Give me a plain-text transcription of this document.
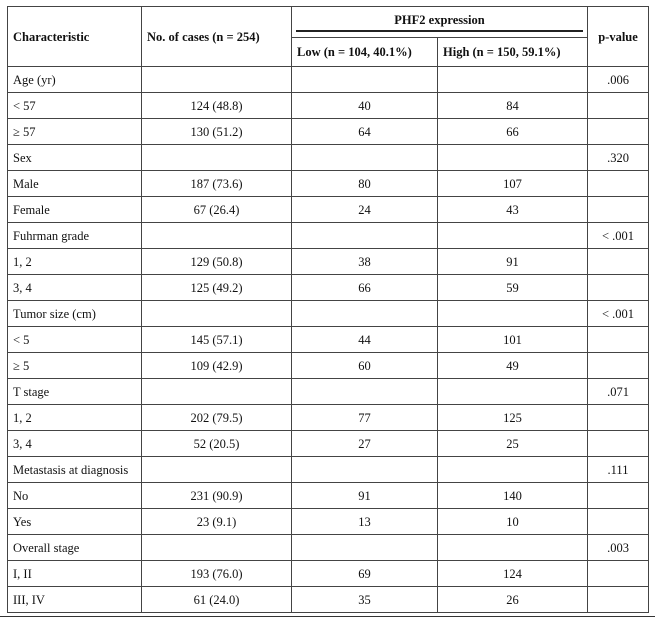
Characteristic	No. of cases (n = 254)	PHF2 expression		p-value
		Low (n = 104, 40.1%)	High (n = 150, 59.1%)	
Age (yr)				.006
< 57	124 (48.8)	40	84	
≥ 57	130 (51.2)	64	66	
Sex				.320
Male	187 (73.6)	80	107	
Female	67 (26.4)	24	43	
Fuhrman grade				< .001
1, 2	129 (50.8)	38	91	
3, 4	125 (49.2)	66	59	
Tumor size (cm)				< .001
< 5	145 (57.1)	44	101	
≥ 5	109 (42.9)	60	49	
T stage				.071
1, 2	202 (79.5)	77	125	
3, 4	52 (20.5)	27	25	
Metastasis at diagnosis				.111
No	231 (90.9)	91	140	
Yes	23 (9.1)	13	10	
Overall stage				.003
I, II	193 (76.0)	69	124	
III, IV	61 (24.0)	35	26	
